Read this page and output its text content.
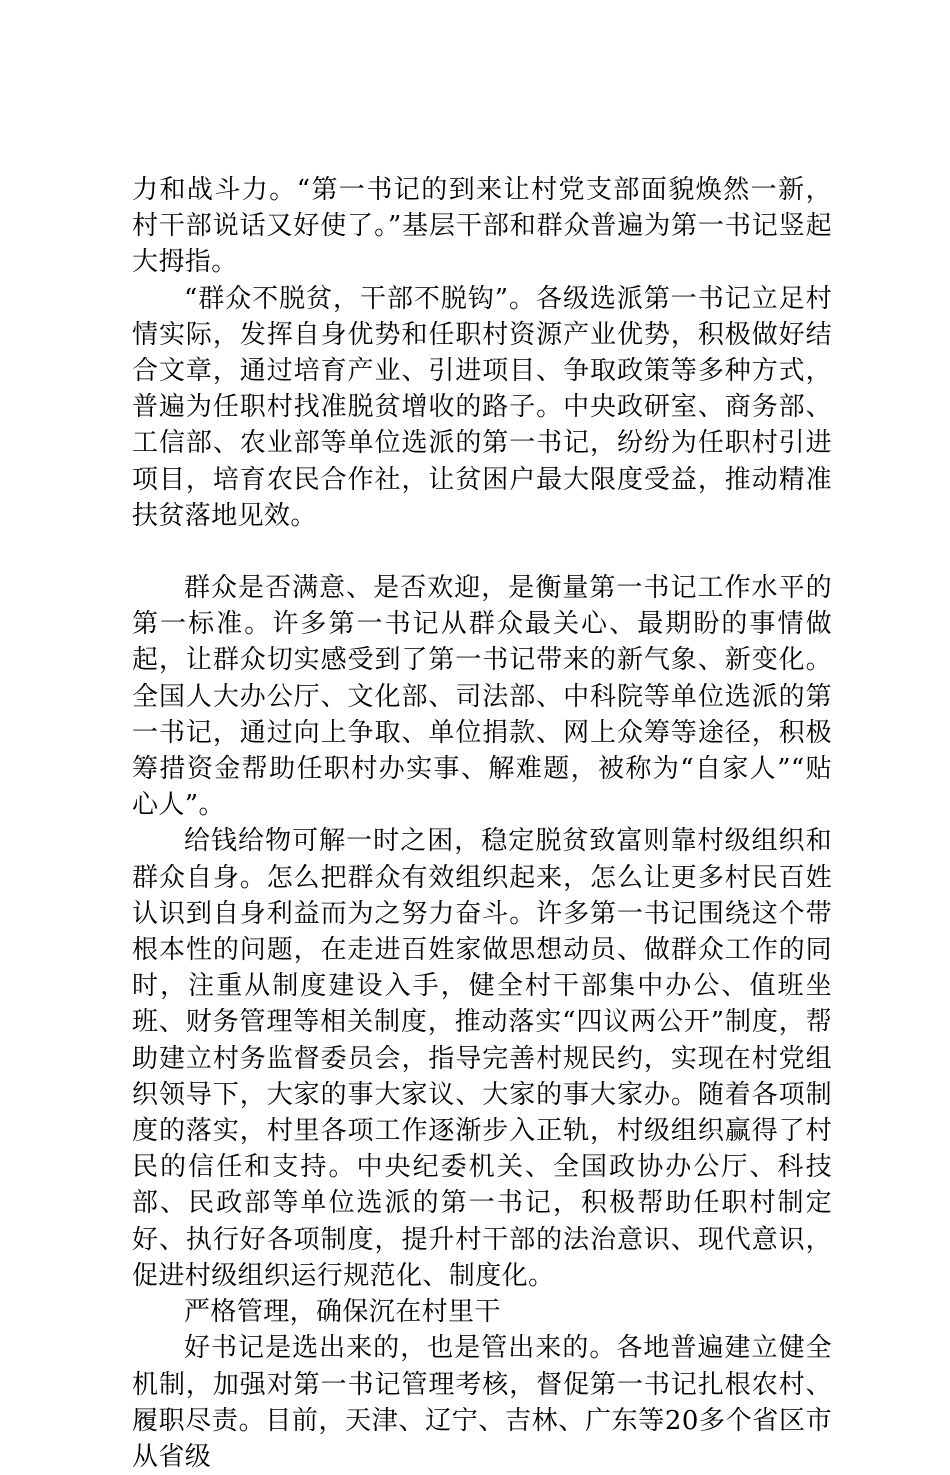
力和战斗力。“第一书记的到来让村党支部面貌焕然一新，村干部说话又好使了。”基层干部和群众普遍为第一书记竖起大拇指。

“群众不脱贫，干部不脱钩”。各级选派第一书记立足村情实际，发挥自身优势和任职村资源产业优势，积极做好结合文章，通过培育产业、引进项目、争取政策等多种方式，普遍为任职村找准脱贫增收的路子。中央政研室、商务部、工信部、农业部等单位选派的第一书记，纷纷为任职村引进项目，培育农民合作社，让贫困户最大限度受益，推动精准扶贫落地见效。

群众是否满意、是否欢迎，是衡量第一书记工作水平的第一标准。许多第一书记从群众最关心、最期盼的事情做起，让群众切实感受到了第一书记带来的新气象、新变化。全国人大办公厅、文化部、司法部、中科院等单位选派的第一书记，通过向上争取、单位捐款、网上众筹等途径，积极筹措资金帮助任职村办实事、解难题，被称为“自家人”“贴心人”。

给钱给物可解一时之困，稳定脱贫致富则靠村级组织和群众自身。怎么把群众有效组织起来，怎么让更多村民百姓认识到自身利益而为之努力奋斗。许多第一书记围绕这个带根本性的问题，在走进百姓家做思想动员、做群众工作的同时，注重从制度建设入手，健全村干部集中办公、值班坐班、财务管理等相关制度，推动落实“四议两公开”制度，帮助建立村务监督委员会，指导完善村规民约，实现在村党组织领导下，大家的事大家议、大家的事大家办。随着各项制度的落实，村里各项工作逐渐步入正轨，村级组织赢得了村民的信任和支持。中央纪委机关、全国政协办公厅、科技部、民政部等单位选派的第一书记，积极帮助任职村制定好、执行好各项制度，提升村干部的法治意识、现代意识，促进村级组织运行规范化、制度化。

严格管理，确保沉在村里干

好书记是选出来的，也是管出来的。各地普遍建立健全机制，加强对第一书记管理考核，督促第一书记扎根农村、履职尽责。目前，天津、辽宁、吉林、广东等20多个省区市从省级
